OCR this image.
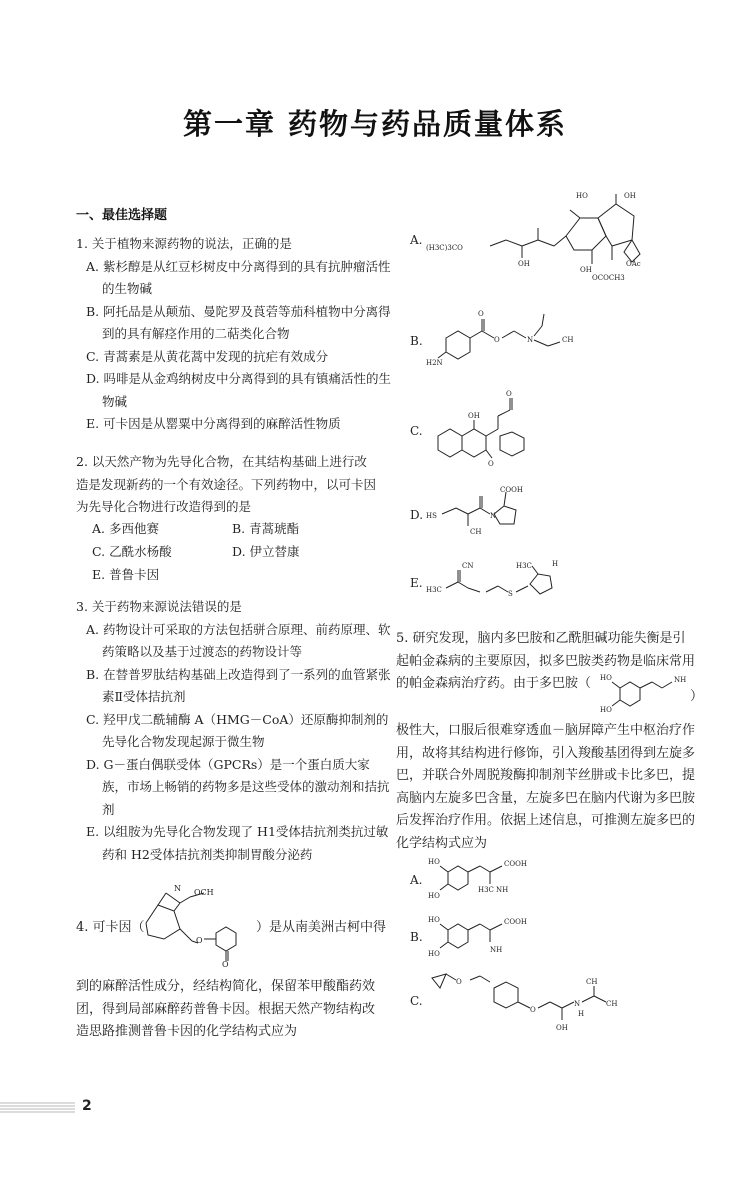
第一章 药物与药品质量体系
一、最佳选择题
1. 关于植物来源药物的说法，正确的是
A. 紫杉醇是从红豆杉树皮中分离得到的具有抗肿瘤活性的生物碱
B. 阿托品是从颠茄、曼陀罗及莨菪等茄科植物中分离得到的具有解痉作用的二萜类化合物
C. 青蒿素是从黄花蒿中发现的抗疟有效成分
D. 吗啡是从金鸡纳树皮中分离得到的具有镇痛活性的生物碱
E. 可卡因是从罂粟中分离得到的麻醉活性物质
2. 以天然产物为先导化合物，在其结构基础上进行改造是发现新药的一个有效途径。下列药物中，以可卡因为先导化合物进行改造得到的是
A. 多西他赛	B. 青蒿琥酯
C. 乙酰水杨酸	D. 伊立替康
E. 普鲁卡因
3. 关于药物来源说法错误的是
A. 药物设计可采取的方法包括骈合原理、前药原理、软药策略以及基于过渡态的药物设计等
B. 在替普罗肽结构基础上改造得到了一系列的血管紧张素Ⅱ受体拮抗剂
C. 羟甲戊二酰辅酶 A（HMG－CoA）还原酶抑制剂的先导化合物发现起源于微生物
D. G－蛋白偶联受体（GPCRs）是一个蛋白质大家族，市场上畅销的药物多是这些受体的激动剂和拮抗剂
E. 以组胺为先导化合物发现了 H1受体拮抗剂类抗过敏药和 H2受体拮抗剂类抑制胃酸分泌药
4. 可卡因（
N OCH
O
O
）是从南美洲古柯中得
到的麻醉活性成分，经结构简化，保留苯甲酸酯药效团，得到局部麻醉药普鲁卡因。根据天然产物结构改造思路推测普鲁卡因的化学结构式应为
A.
(H3C)3CO
OH
HO	OH
OH
OAc
OCOCH3
B.
O
O	N
H2N
CH
C.
OH
O
O
D. HS	N
COOH
CH
E. H3C
CN
S
H3C	H
5. 研究发现，脑内多巴胺和乙酰胆碱功能失衡是引起帕金森病的主要原因，拟多巴胺类药物是临床常用的帕金森病治疗药。由于多巴胺（	HO
HO
NH
）
极性大，口服后很难穿透血－脑屏障产生中枢治疗作用，故将其结构进行修饰，引入羧酸基团得到左旋多巴，并联合外周脱羧酶抑制剂苄丝肼或卡比多巴，提高脑内左旋多巴含量，左旋多巴在脑内代谢为多巴胺后发挥治疗作用。依据上述信息，可推测左旋多巴的化学结构式应为
A.
HO
HO
COOH
H3C NH
B.
HO
HO
COOH
NH
C.
O
O
OH
N
H
CH
CH
2
